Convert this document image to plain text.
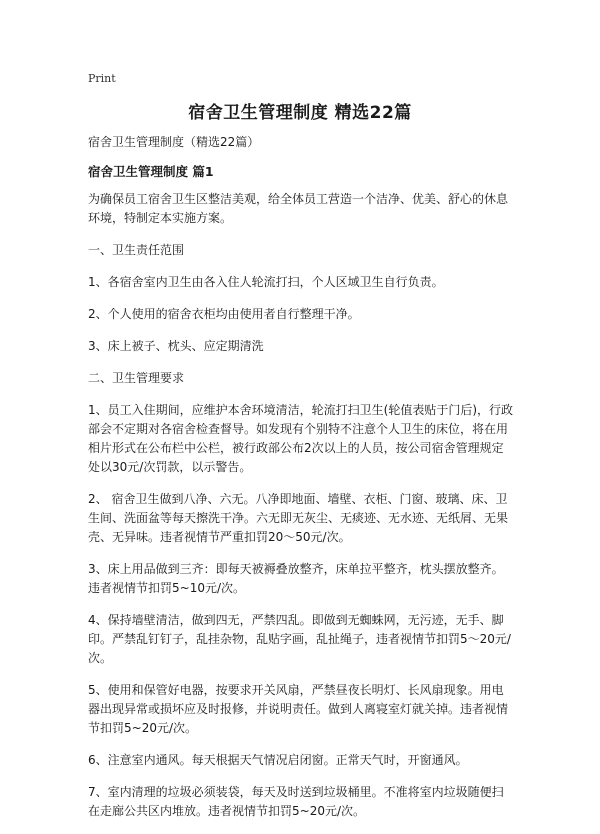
Print
宿舍卫生管理制度 精选22篇

宿舍卫生管理制度（精选22篇）

宿舍卫生管理制度 篇1

为确保员工宿舍卫生区整洁美观，给全体员工营造一个洁净、优美、舒心的休息环境，特制定本实施方案。

一、卫生责任范围

1、各宿舍室内卫生由各入住人轮流打扫，个人区域卫生自行负责。

2、个人使用的宿舍衣柜均由使用者自行整理干净。

3、床上被子、枕头、应定期清洗

二、卫生管理要求

1、员工入住期间，应维护本舍环境清洁，轮流打扫卫生(轮值表贴于门后)，行政部会不定期对各宿舍检查督导。如发现有个别特不注意个人卫生的床位，将在用相片形式在公布栏中公栏，被行政部公布2次以上的人员，按公司宿舍管理规定处以30元/次罚款，以示警告。

2、 宿舍卫生做到八净、六无。八净即地面、墙壁、衣柜、门窗、玻璃、床、卫生间、洗面盆等每天擦洗干净。六无即无灰尘、无痰迹、无水迹、无纸屑、无果壳、无异味。违者视情节严重扣罚20～50元/次。

3、床上用品做到三齐：即每天被褥叠放整齐，床单拉平整齐，枕头摆放整齐。违者视情节扣罚5~10元/次。

4、保持墙壁清洁，做到四无，严禁四乱。即做到无蜘蛛网，无污迹，无手、脚印。严禁乱钉钉子，乱挂杂物，乱贴字画，乱扯绳子，违者视情节扣罚5～20元/次。

5、使用和保管好电器，按要求开关风扇，严禁昼夜长明灯、长风扇现象。用电器出现异常或损坏应及时报修，并说明责任。做到人离寝室灯就关掉。违者视情节扣罚5~20元/次。

6、注意室内通风。每天根据天气情况启闭窗。正常天气时，开窗通风。

7、室内清理的垃圾必须装袋，每天及时送到垃圾桶里。不准将室内垃圾随便扫在走廊公共区内堆放。违者视情节扣罚5~20元/次。
